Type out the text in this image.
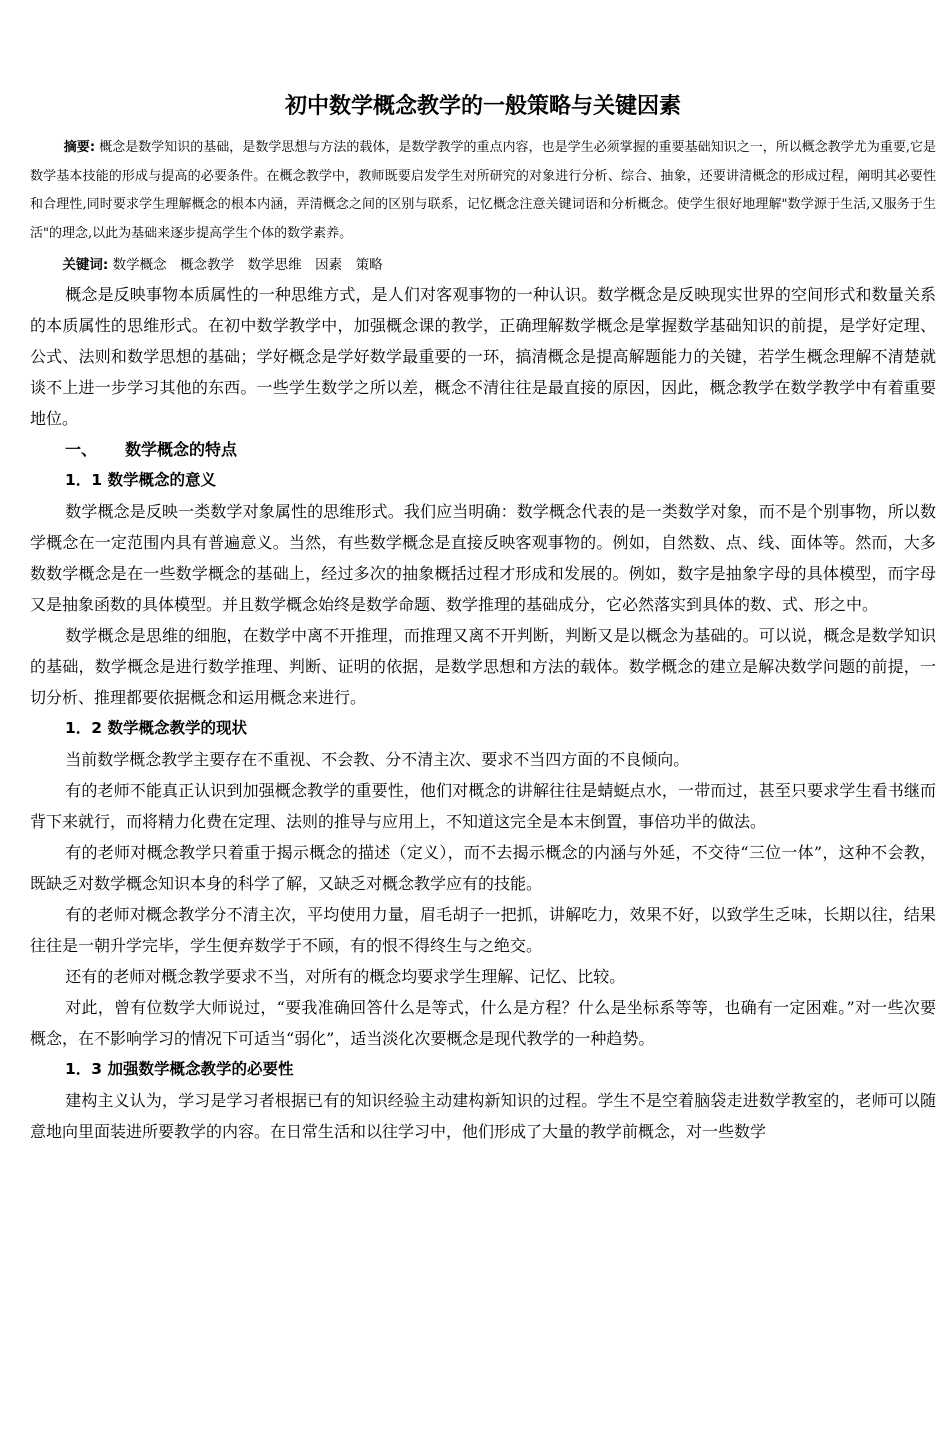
初中数学概念教学的一般策略与关键因素

摘要: 概念是数学知识的基础，是数学思想与方法的载体，是数学教学的重点内容，也是学生必须掌握的重要基础知识之一，所以概念教学尤为重要,它是数学基本技能的形成与提高的必要条件。在概念教学中，教师既要启发学生对所研究的对象进行分析、综合、抽象，还要讲清概念的形成过程，阐明其必要性和合理性,同时要求学生理解概念的根本内涵，弄清概念之间的区别与联系，记忆概念注意关键词语和分析概念。使学生很好地理解"数学源于生活,又服务于生活"的理念,以此为基础来逐步提高学生个体的数学素养。

关键词: 数学概念　概念教学　数学思维　因素　策略

概念是反映事物本质属性的一种思维方式，是人们对客观事物的一种认识。数学概念是反映现实世界的空间形式和数量关系的本质属性的思维形式。在初中数学教学中，加强概念课的教学，正确理解数学概念是掌握数学基础知识的前提，是学好定理、公式、法则和数学思想的基础；学好概念是学好数学最重要的一环，搞清概念是提高解题能力的关键，若学生概念理解不清楚就谈不上进一步学习其他的东西。一些学生数学之所以差，概念不清往往是最直接的原因，因此，概念教学在数学教学中有着重要地位。

一、 数学概念的特点

1．1 数学概念的意义

数学概念是反映一类数学对象属性的思维形式。我们应当明确：数学概念代表的是一类数学对象，而不是个别事物，所以数学概念在一定范围内具有普遍意义。当然，有些数学概念是直接反映客观事物的。例如，自然数、点、线、面体等。然而，大多数数学概念是在一些数学概念的基础上，经过多次的抽象概括过程才形成和发展的。例如，数字是抽象字母的具体模型，而字母又是抽象函数的具体模型。并且数学概念始终是数学命题、数学推理的基础成分，它必然落实到具体的数、式、形之中。

数学概念是思维的细胞，在数学中离不开推理，而推理又离不开判断，判断又是以概念为基础的。可以说，概念是数学知识的基础，数学概念是进行数学推理、判断、证明的依据，是数学思想和方法的载体。数学概念的建立是解决数学问题的前提，一切分析、推理都要依据概念和运用概念来进行。

1．2 数学概念教学的现状

当前数学概念教学主要存在不重视、不会教、分不清主次、要求不当四方面的不良倾向。

有的老师不能真正认识到加强概念教学的重要性，他们对概念的讲解往往是蜻蜓点水，一带而过，甚至只要求学生看书继而背下来就行，而将精力化费在定理、法则的推导与应用上，不知道这完全是本末倒置，事倍功半的做法。

有的老师对概念教学只着重于揭示概念的描述（定义），而不去揭示概念的内涵与外延，不交待“三位一体”，这种不会教，既缺乏对数学概念知识本身的科学了解，又缺乏对概念教学应有的技能。

有的老师对概念教学分不清主次，平均使用力量，眉毛胡子一把抓，讲解吃力，效果不好，以致学生乏味，长期以往，结果往往是一朝升学完毕，学生便弃数学于不顾，有的恨不得终生与之绝交。

还有的老师对概念教学要求不当，对所有的概念均要求学生理解、记忆、比较。

对此，曾有位数学大师说过，“要我准确回答什么是等式，什么是方程？什么是坐标系等等，也确有一定困难。”对一些次要概念，在不影响学习的情况下可适当“弱化”，适当淡化次要概念是现代教学的一种趋势。

1．3 加强数学概念教学的必要性

建构主义认为，学习是学习者根据已有的知识经验主动建构新知识的过程。学生不是空着脑袋走进数学教室的，老师可以随意地向里面装进所要教学的内容。在日常生活和以往学习中，他们形成了大量的教学前概念，对一些数学
